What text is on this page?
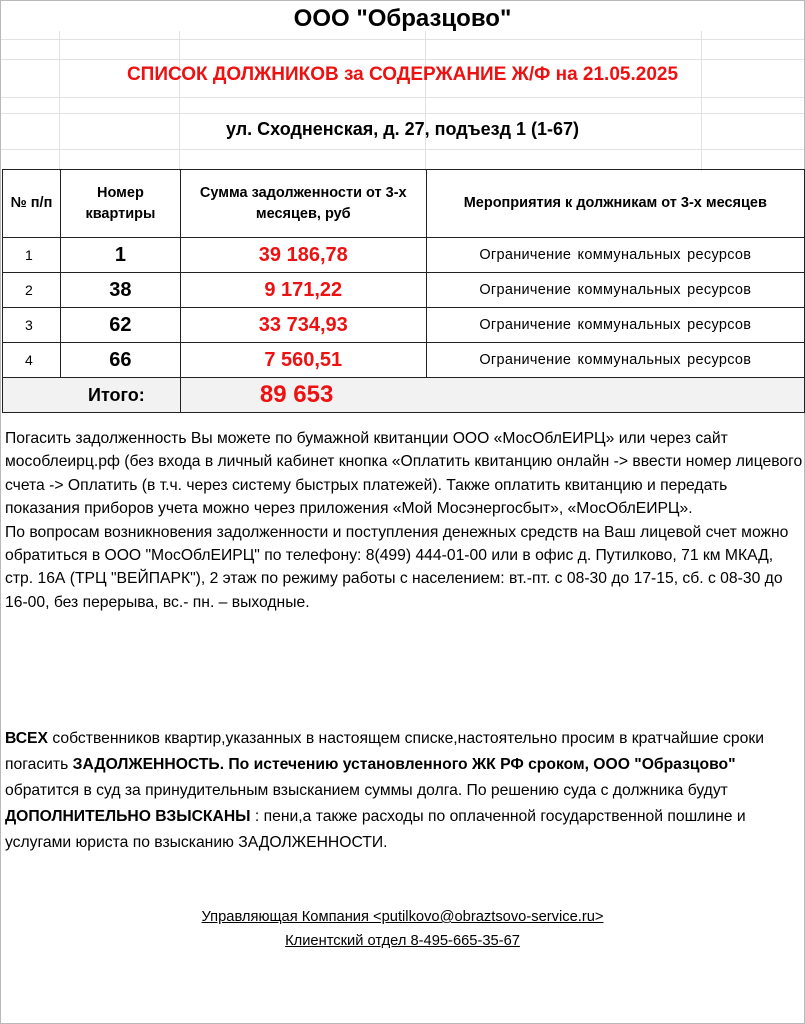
ООО "Образцово"
СПИСОК ДОЛЖНИКОВ за СОДЕРЖАНИЕ Ж/Ф на 21.05.2025
ул. Сходненская, д. 27, подъезд 1 (1-67)
№ п/п	Номер квартиры	Сумма задолженности от 3-х месяцев, руб	Мероприятия к должникам от 3-х месяцев
1	1	39 186,78	Ограничение коммунальных ресурсов
2	38	9 171,22	Ограничение коммунальных ресурсов
3	62	33 734,93	Ограничение коммунальных ресурсов
4	66	7 560,51	Ограничение коммунальных ресурсов
Итого:		89 653	

Погасить задолженность Вы можете по бумажной квитанции ООО «МосОблЕИРЦ» или через сайт мособлеирц.рф (без входа в личный кабинет кнопка «Оплатить квитанцию онлайн -> ввести номер лицевого счета -> Оплатить (в т.ч. через систему быстрых платежей). Также оплатить квитанцию и передать показания приборов учета можно через приложения «Мой Мосэнергосбыт», «МосОблЕИРЦ».

По вопросам возникновения задолженности и поступления денежных средств на Ваш лицевой счет можно обратиться в ООО "МосОблЕИРЦ" по телефону: 8(499) 444-01-00 или в офис д. Путилково, 71 км МКАД, стр. 16А (ТРЦ "ВЕЙПАРК"), 2 этаж по режиму работы с населением: вт.-пт. с 08-30 до 17-15, сб. с 08-30 до 16-00, без перерыва, вс.- пн. – выходные.

ВСЕХ собственников квартир,указанных в настоящем списке,настоятельно просим в кратчайшие сроки погасить ЗАДОЛЖЕННОСТЬ. По истечению установленного ЖК РФ сроком, ООО "Образцово" обратится в суд за принудительным взысканием суммы долга. По решению суда с должника будут ДОПОЛНИТЕЛЬНО ВЗЫСКАНЫ : пени,а также расходы по оплаченной государственной пошлине и услугами юриста по взысканию ЗАДОЛЖЕННОСТИ.

Управляющая Компания <putilkovo@obraztsovo-service.ru>
Клиентский отдел 8-495-665-35-67
